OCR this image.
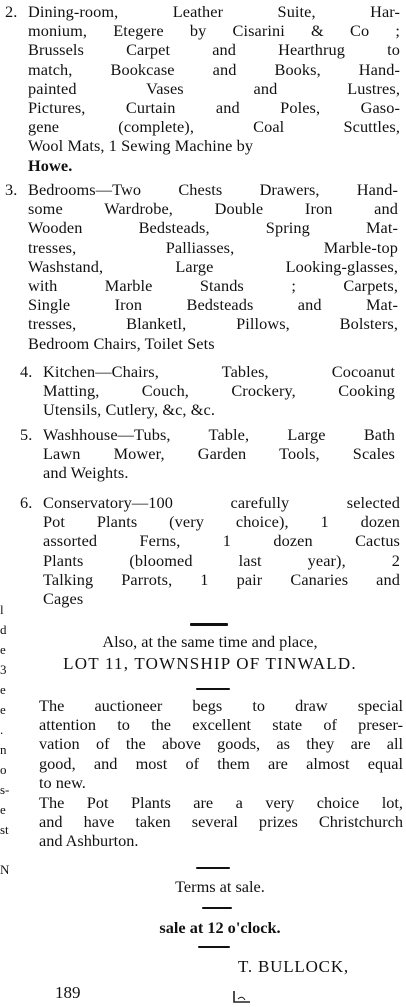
l
d
e
3
e
e
.
n
o
s-
e
st
N
2. Dining-room, Leather Suite, Har-
monium, Etegere by Cisarini & Co ;
Brussels Carpet and Hearthrug to
match, Bookcase and Books, Hand-
painted Vases and Lustres,
Pictures, Curtain and Poles, Gaso-
gene (complete), Coal Scuttles,
Wool Mats, 1 Sewing Machine by
Howe.
3. Bedrooms—Two Chests Drawers, Hand-
some Wardrobe, Double Iron and
Wooden Bedsteads, Spring Mat-
tresses, Palliasses, Marble-top
Washstand, Large Looking-glasses,
with Marble Stands ; Carpets,
Single Iron Bedsteads and Mat-
tresses, Blanketl, Pillows, Bolsters,
Bedroom Chairs, Toilet Sets
4. Kitchen—Chairs, Tables, Cocoanut
Matting, Couch, Crockery, Cooking
Utensils, Cutlery, &c, &c.
5. Washhouse—Tubs, Table, Large Bath
Lawn Mower, Garden Tools, Scales
and Weights.
6. Conservatory—100 carefully selected
Pot Plants (very choice), 1 dozen
assorted Ferns, 1 dozen Cactus
Plants (bloomed last year), 2
Talking Parrots, 1 pair Canaries and
Cages
Also, at the same time and place,
LOT 11, TOWNSHIP OF TINWALD.
The auctioneer begs to draw special
attention to the excellent state of preser-
vation of the above goods, as they are all
good, and most of them are almost equal
to new.
The Pot Plants are a very choice lot,
and have taken several prizes Christchurch
and Ashburton.
Terms at sale.
sale at 12 o'clock.
T. BULLOCK,
189
